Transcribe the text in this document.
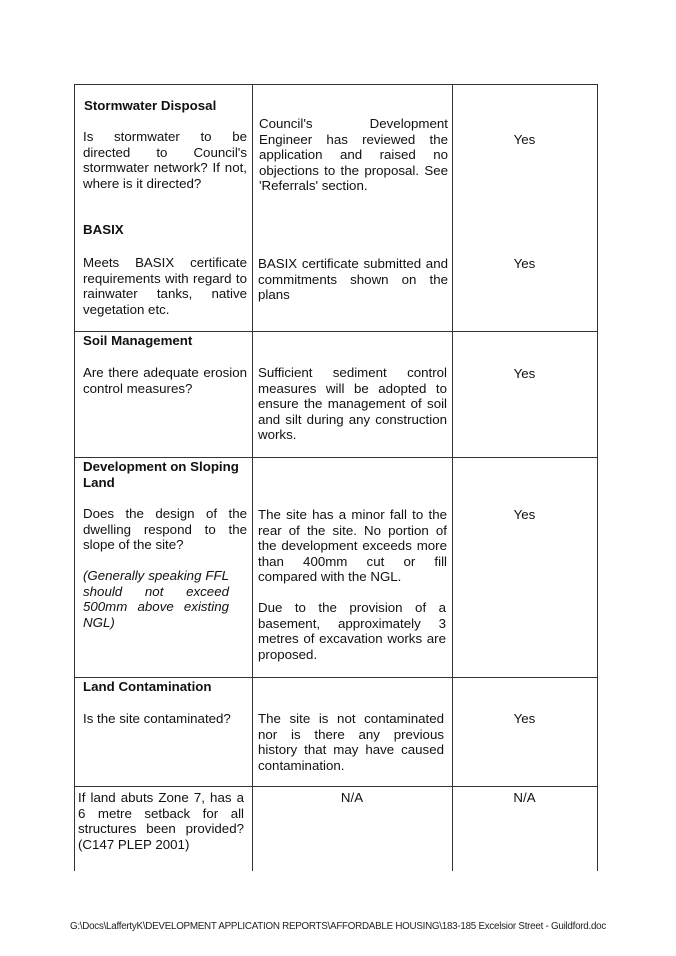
Stormwater Disposal
Is stormwater to be directed to Council's stormwater network? If not, where is it directed?
Council's Development Engineer has reviewed the application and raised no objections to the proposal. See 'Referrals' section.
Yes
BASIX
Meets BASIX certificate requirements with regard to rainwater tanks, native vegetation etc.
BASIX certificate submitted and commitments shown on the plans
Yes
Soil Management
Are there adequate erosion control measures?
Sufficient sediment control measures will be adopted to ensure the management of soil and silt during any construction works.
Yes
Development on Sloping Land
Does the design of the dwelling respond to the slope of the site?
(Generally speaking FFL should not exceed 500mm above existing NGL)
The site has a minor fall to the rear of the site. No portion of the development exceeds more than 400mm cut or fill compared with the NGL.
Due to the provision of a basement, approximately 3 metres of excavation works are proposed.
Yes
Land Contamination
Is the site contaminated?	The site is not contaminated nor is there any previous history that may have caused contamination.
Yes
If land abuts Zone 7, has a 6 metre setback for all structures been provided? (C147 PLEP 2001)
N/A	N/A
G:\Docs\LaffertyK\DEVELOPMENT APPLICATION REPORTS\AFFORDABLE HOUSING\183-185 Excelsior Street - Guildford.doc
